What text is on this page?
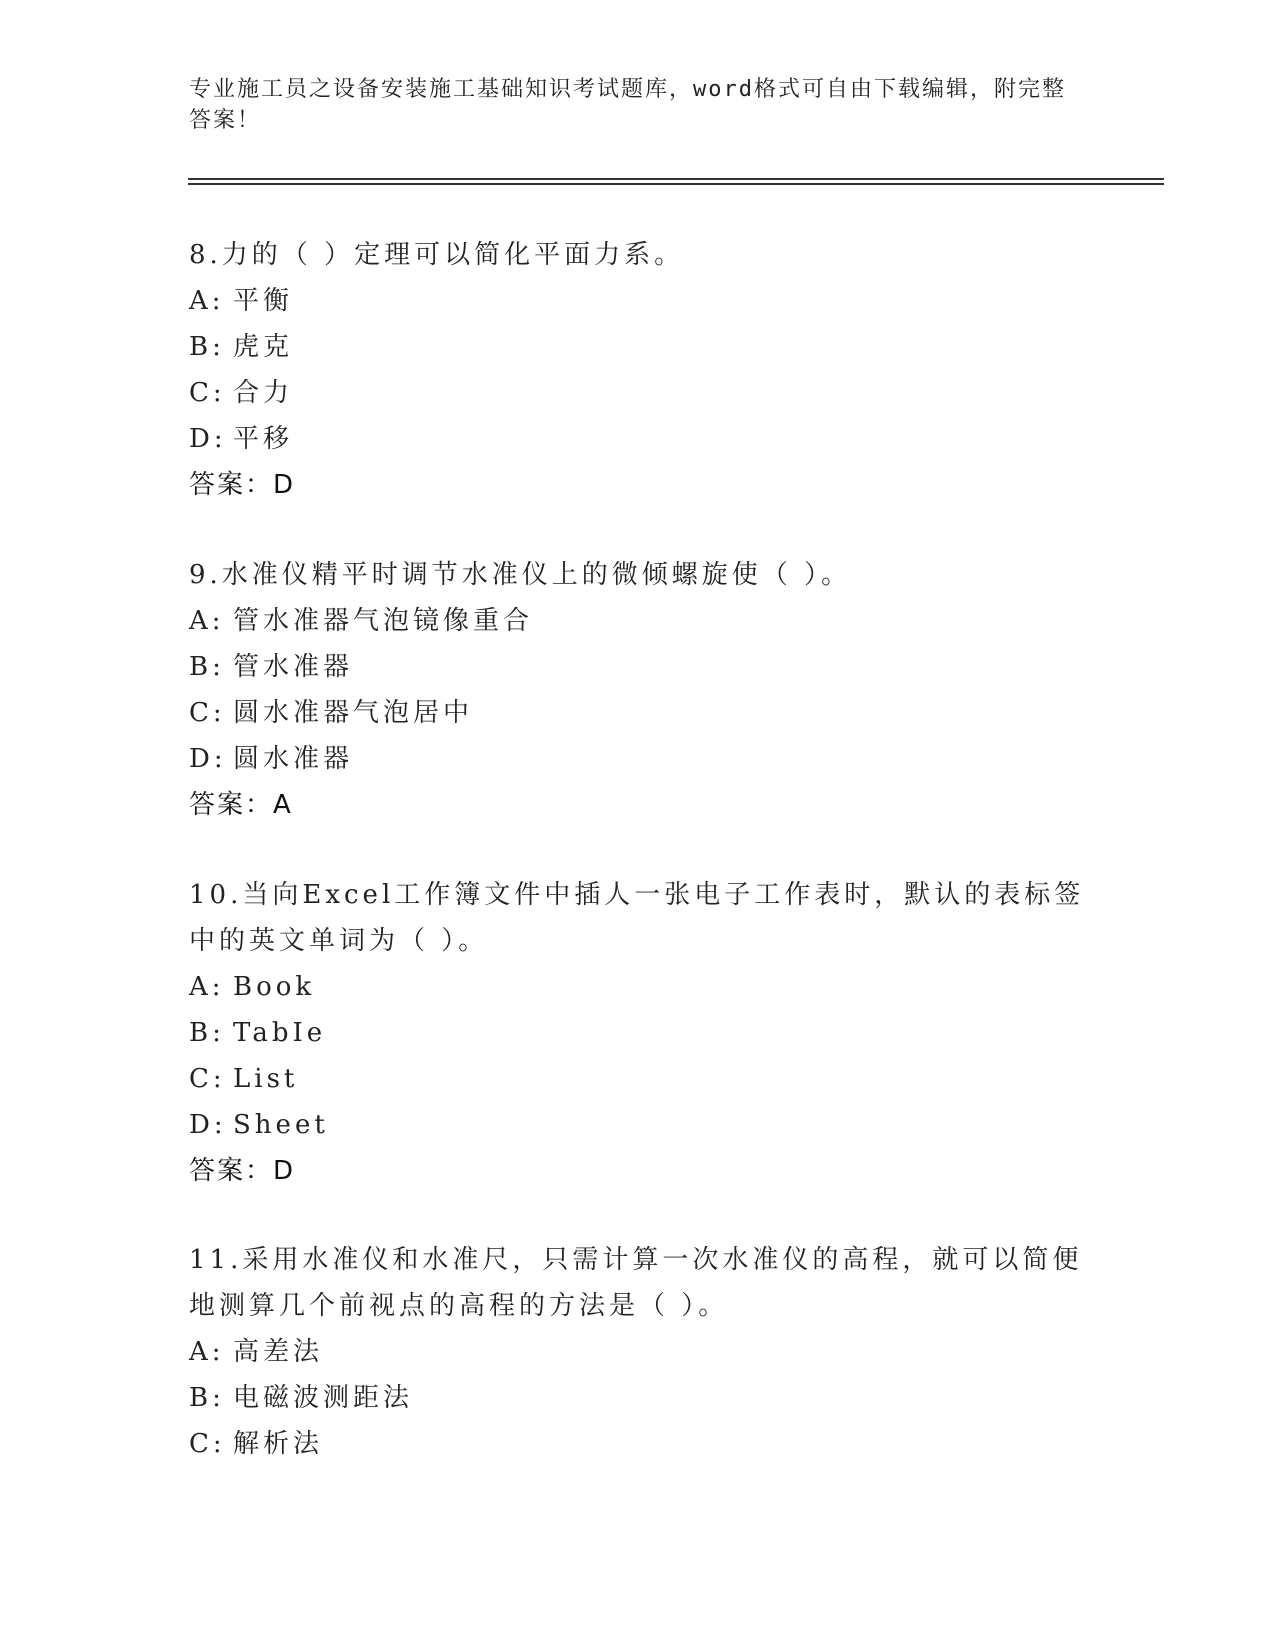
专业施工员之设备安装施工基础知识考试题库，word格式可自由下载编辑，附完整答案！
8.力的（ ）定理可以简化平面力系。
A: 平衡
B: 虎克
C: 合力
D: 平移
答案：D
9.水准仪精平时调节水准仪上的微倾螺旋使（ ）。
A: 管水准器气泡镜像重合
B: 管水准器
C: 圆水准器气泡居中
D: 圆水准器
答案：A
10.当向Excel工作簿文件中插人一张电子工作表时，默认的表标签中的英文单词为（ ）。
A: Book
B: TabIe
C: List
D: Sheet
答案：D
11.采用水准仪和水准尺，只需计算一次水准仪的高程，就可以简便地测算几个前视点的高程的方法是（ ）。
A: 高差法
B: 电磁波测距法
C: 解析法
